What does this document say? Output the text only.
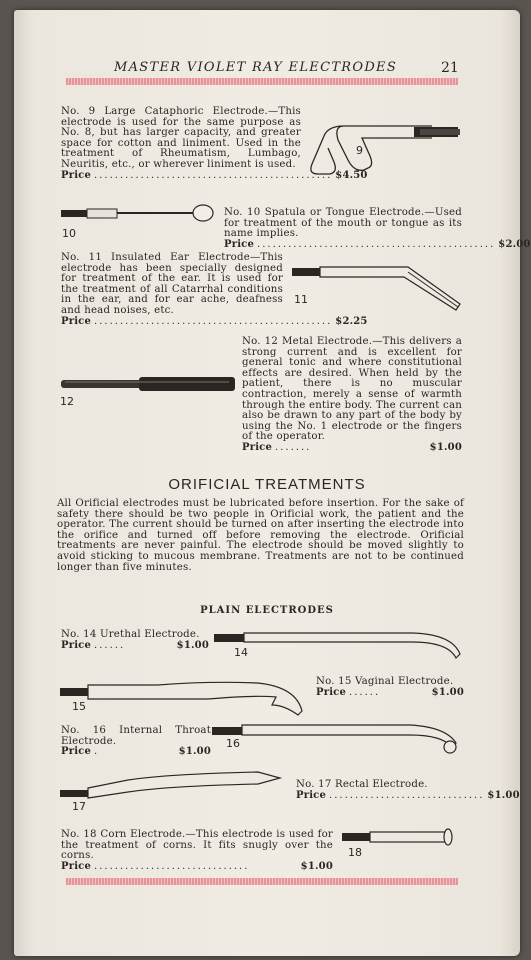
MASTER VIOLET RAY ELECTRODES	21

No. 9 Large Cataphoric Electrode.—This electrode is used for the same purpose as No. 8, but has larger capacity, and greater space for cotton and liniment. Used in the treatment of Rheumatism, Lumbago, Neuritis, etc., or wherever liniment is used.

Price .............................................. $4.50
9
10

No. 10 Spatula or Tongue Electrode.—Used for treatment of the mouth or tongue as its name implies.

Price .............................................. $2.00

No. 11 Insulated Ear Electrode—This electrode has been specially designed for treatment of the ear. It is used for the treatment of all Catarrhal conditions in the ear, and for ear ache, deafness and head noises, etc.

Price .............................................. $2.25
11
12

No. 12 Metal Electrode.—This delivers a strong current and is excellent for general tonic and where constitutional effects are desired. When held by the patient, there is no muscular contraction, merely a sense of warmth through the entire body. The current can also be drawn to any part of the body by using the No. 1 electrode or the fingers of the operator.

Price .......	$1.00
ORIFICIAL TREATMENTS
All Orificial electrodes must be lubricated before insertion. For the sake of safety there should be two people in Orificial work, the patient and the operator. The current should be turned on after inserting the electrode into the orifice and turned off before removing the electrode. Orificial treatments are never painful. The electrode should be moved slightly to avoid sticking to mucous membrane. Treatments are not to be continued longer than five minutes.
PLAIN ELECTRODES

No. 14 Urethal Electrode.

Price ......	$1.00
14
15

No. 15 Vaginal Electrode.

Price ......	$1.00

No. 16 Internal Throat Electrode.

Price .	$1.00
16
17

No. 17 Rectal Electrode.

Price .............................. $1.00

No. 18 Corn Electrode.—This electrode is used for the treatment of corns. It fits snugly over the corns.

Price ..............................	$1.00
18
